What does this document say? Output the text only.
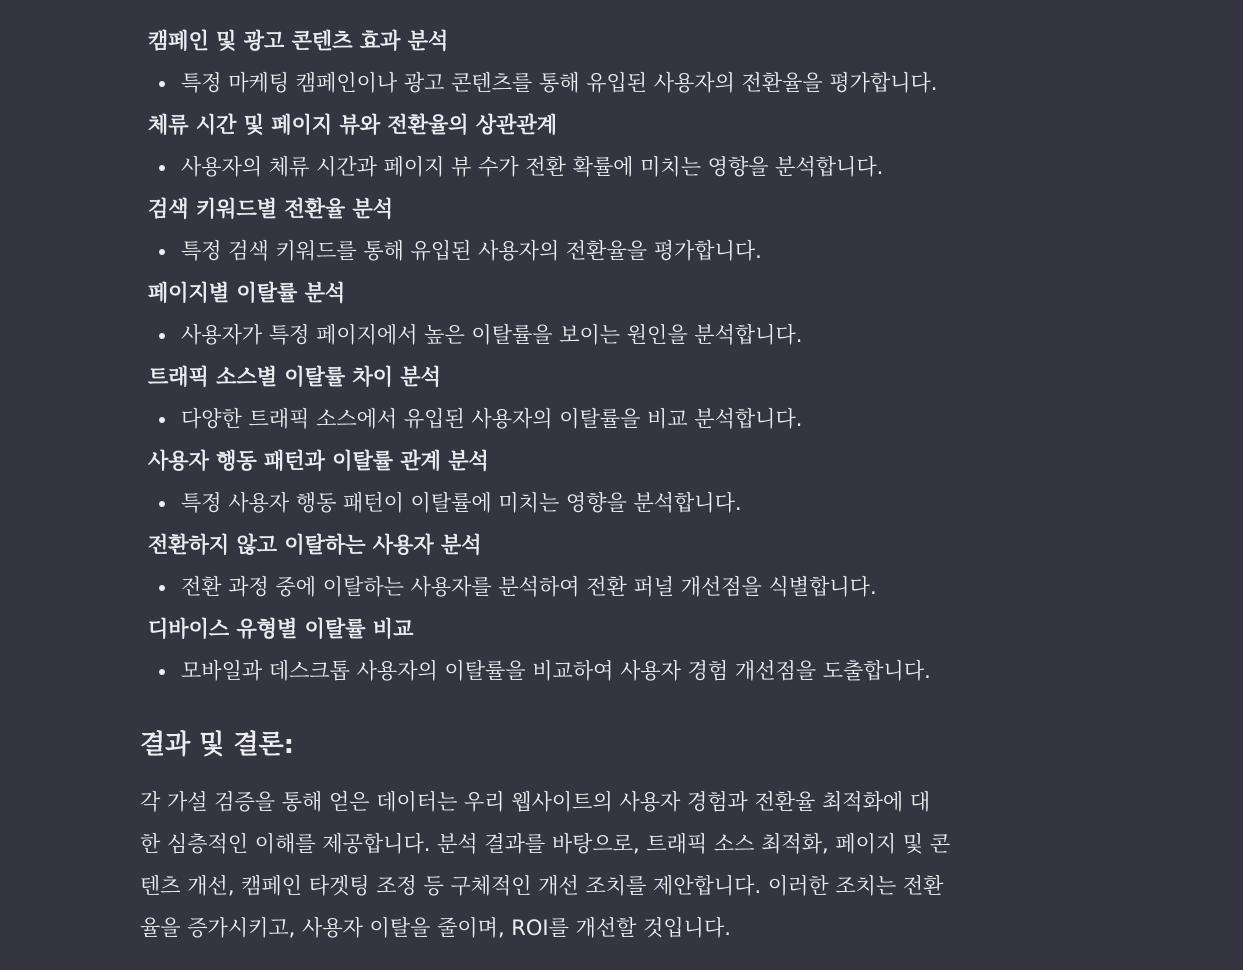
캠페인 및 광고 콘텐츠 효과 분석
특정 마케팅 캠페인이나 광고 콘텐츠를 통해 유입된 사용자의 전환율을 평가합니다.
체류 시간 및 페이지 뷰와 전환율의 상관관계
사용자의 체류 시간과 페이지 뷰 수가 전환 확률에 미치는 영향을 분석합니다.
검색 키워드별 전환율 분석
특정 검색 키워드를 통해 유입된 사용자의 전환율을 평가합니다.
페이지별 이탈률 분석
사용자가 특정 페이지에서 높은 이탈률을 보이는 원인을 분석합니다.
트래픽 소스별 이탈률 차이 분석
다양한 트래픽 소스에서 유입된 사용자의 이탈률을 비교 분석합니다.
사용자 행동 패턴과 이탈률 관계 분석
특정 사용자 행동 패턴이 이탈률에 미치는 영향을 분석합니다.
전환하지 않고 이탈하는 사용자 분석
전환 과정 중에 이탈하는 사용자를 분석하여 전환 퍼널 개선점을 식별합니다.
디바이스 유형별 이탈률 비교
모바일과 데스크톱 사용자의 이탈률을 비교하여 사용자 경험 개선점을 도출합니다.
결과 및 결론:

각 가설 검증을 통해 얻은 데이터는 우리 웹사이트의 사용자 경험과 전환율 최적화에 대
한 심층적인 이해를 제공합니다. 분석 결과를 바탕으로, 트래픽 소스 최적화, 페이지 및 콘
텐츠 개선, 캠페인 타겟팅 조정 등 구체적인 개선 조치를 제안합니다. 이러한 조치는 전환
율을 증가시키고, 사용자 이탈을 줄이며, ROI를 개선할 것입니다.
